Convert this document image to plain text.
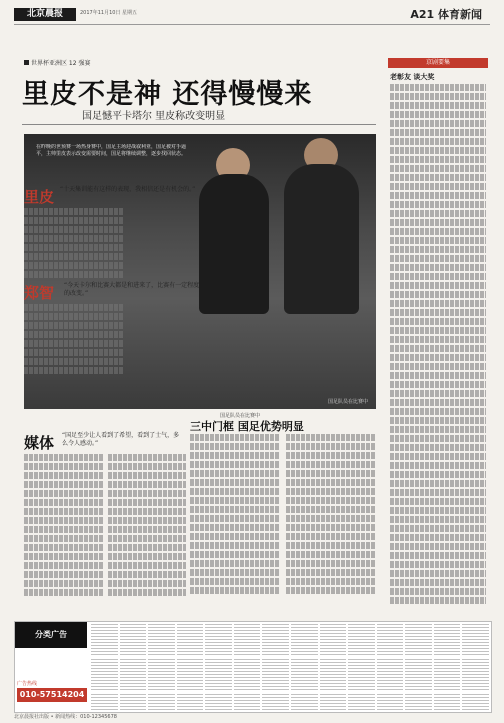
北京晨报	2017年11月10日 星期五	A21 体育新闻
世界杯亚洲区 12 强赛
里皮不是神 还得慢慢来
国足憾平卡塔尔 里皮称改变明显
在昨晚的世预赛一场热身赛中，国足主场迎战叙利亚，国足被对手逼平，主帅里皮表示改变需要时间，国足将继续调整，逐步找回状态。
国足队员在比赛中
里皮 “十天集训能有这样的表现，我相信还是有机会的。”
郑智 “今天卡尔和比赛大都是和进来了，比赛有一定程度的改变。”
媒体 “国足至少让人看到了希望，看到了士气，多么令人感动。”
国足队员在比赛中
三中门框 国足优势明显
京剧要集
老彰友 谈大奖
分类广告
广告热线
010-57514204
北京晨报社出版 • 新闻热线：010-12345678
